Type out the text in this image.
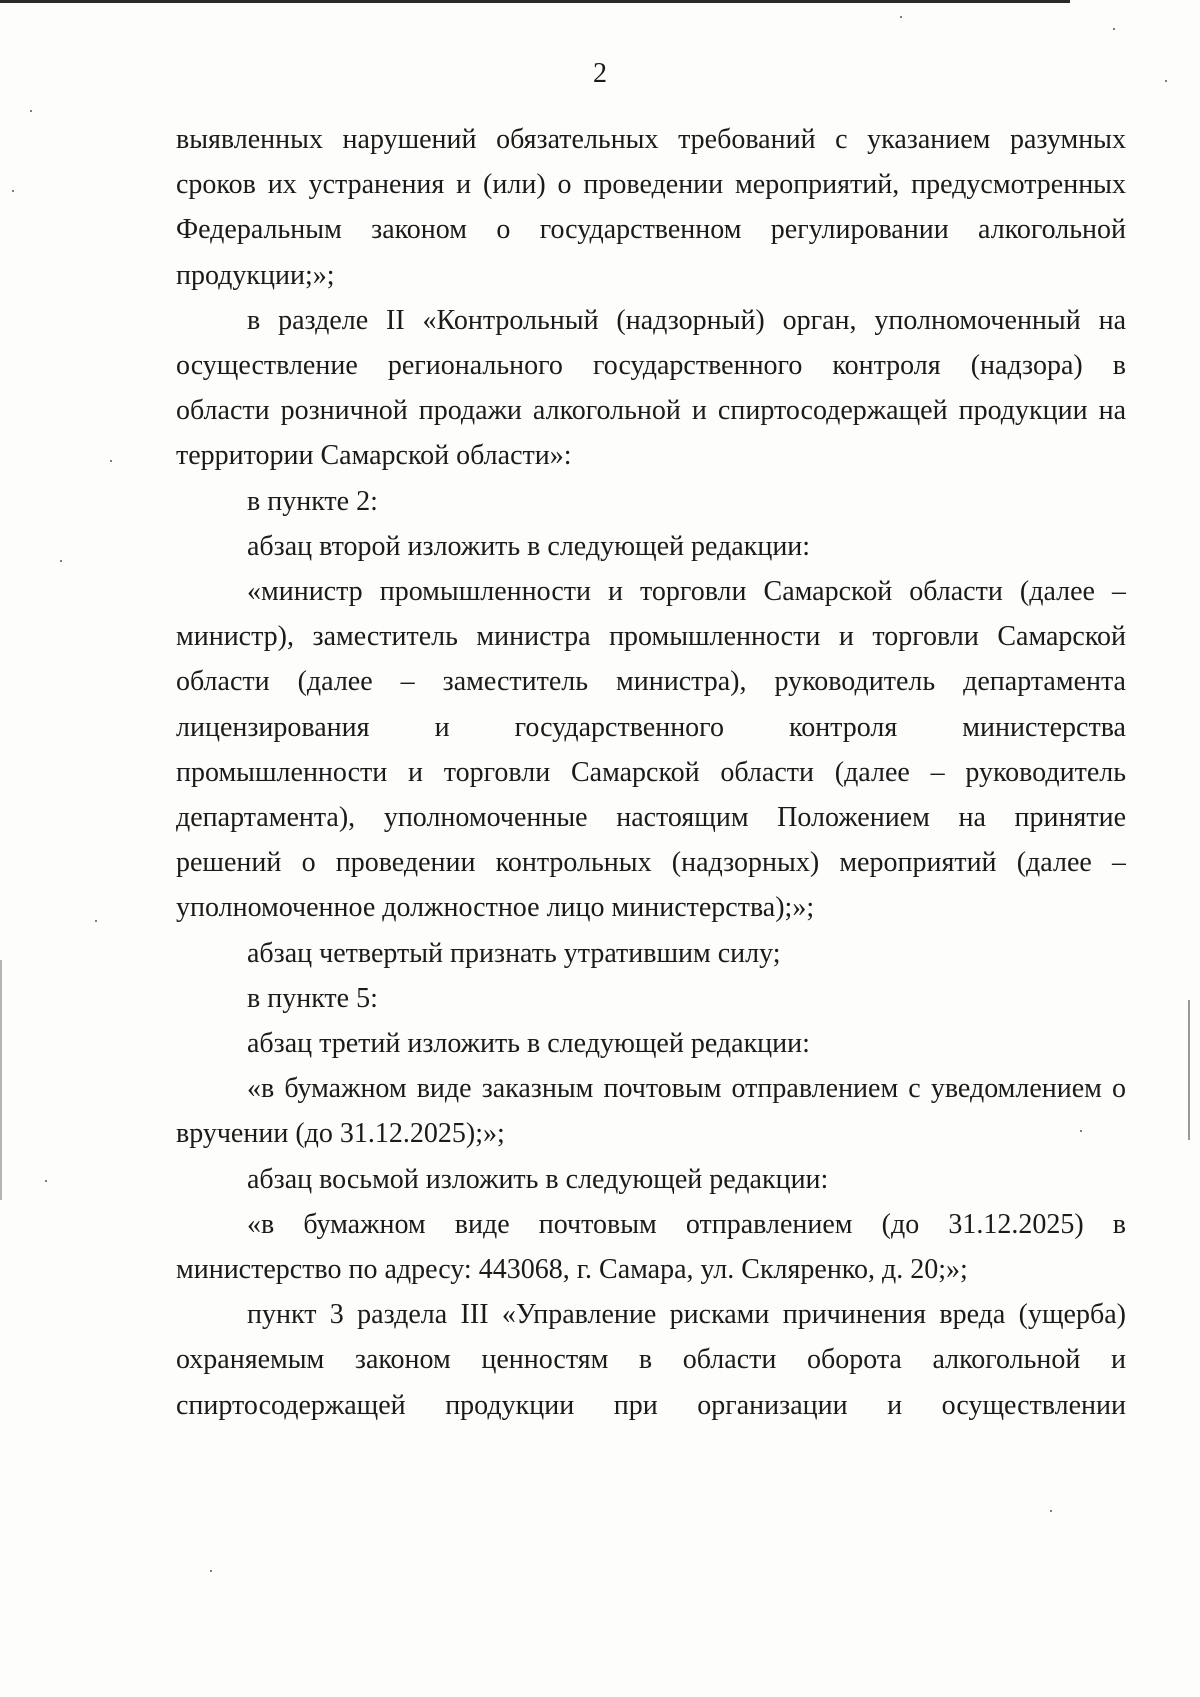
2
выявленных нарушений обязательных требований с указанием разумных
сроков их устранения и (или) о проведении мероприятий, предусмотренных
Федеральным законом о государственном регулировании алкогольной
продукции;»;
в разделе II «Контрольный (надзорный) орган, уполномоченный на
осуществление регионального государственного контроля (надзора) в
области розничной продажи алкогольной и спиртосодержащей продукции на
территории Самарской области»:
в пункте 2:
абзац второй изложить в следующей редакции:
«министр промышленности и торговли Самарской области (далее –
министр), заместитель министра промышленности и торговли Самарской
области (далее – заместитель министра), руководитель департамента
лицензирования и государственного контроля министерства
промышленности и торговли Самарской области (далее – руководитель
департамента), уполномоченные настоящим Положением на принятие
решений о проведении контрольных (надзорных) мероприятий (далее –
уполномоченное должностное лицо министерства);»;
абзац четвертый признать утратившим силу;
в пункте 5:
абзац третий изложить в следующей редакции:
«в бумажном виде заказным почтовым отправлением с уведомлением о
вручении (до 31.12.2025);»;
абзац восьмой изложить в следующей редакции:
«в бумажном виде почтовым отправлением (до 31.12.2025) в
министерство по адресу: 443068, г. Самара, ул. Скляренко, д. 20;»;
пункт 3 раздела III «Управление рисками причинения вреда (ущерба)
охраняемым законом ценностям в области оборота алкогольной и
спиртосодержащей продукции при организации и осуществлении
